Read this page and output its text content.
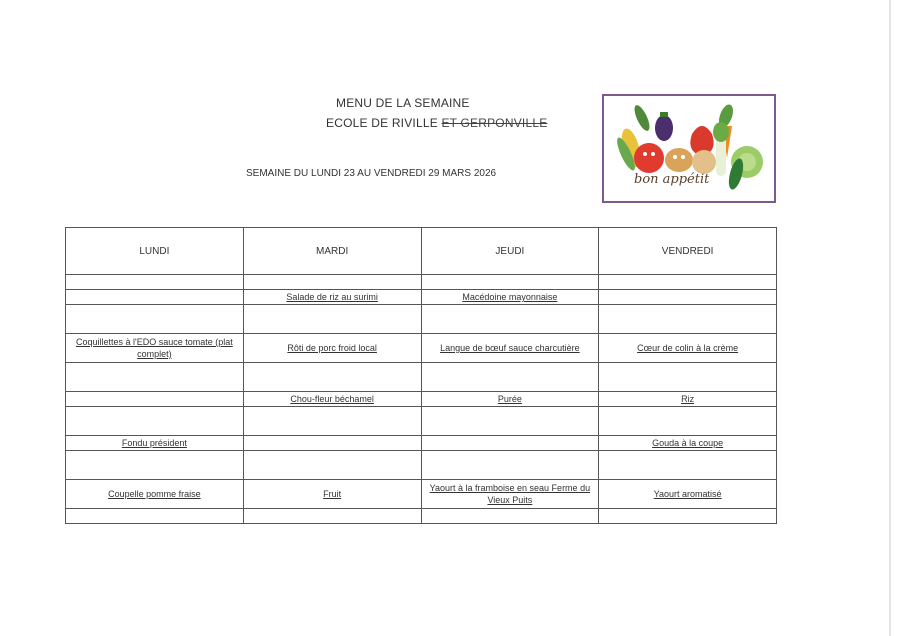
MENU DE LA SEMAINE
ECOLE DE RIVILLE ET GERPONVILLE
SEMAINE DU LUNDI 23 AU VENDREDI 29 MARS 2026	bon appétit
LUNDI	MARDI	JEUDI	VENDREDI

	Salade de riz au surimi	Macédoine mayonnaise	

Coquillettes à l'EDO sauce tomate (plat complet)	Rôti de porc froid local	Langue de bœuf sauce charcutière	Cœur de colin à la crème

	Chou-fleur béchamel	Purée	Riz

Fondu président			Gouda à la coupe

Coupelle pomme fraise	Fruit	Yaourt à la framboise en seau Ferme du Vieux Puits	Yaourt aromatisé
